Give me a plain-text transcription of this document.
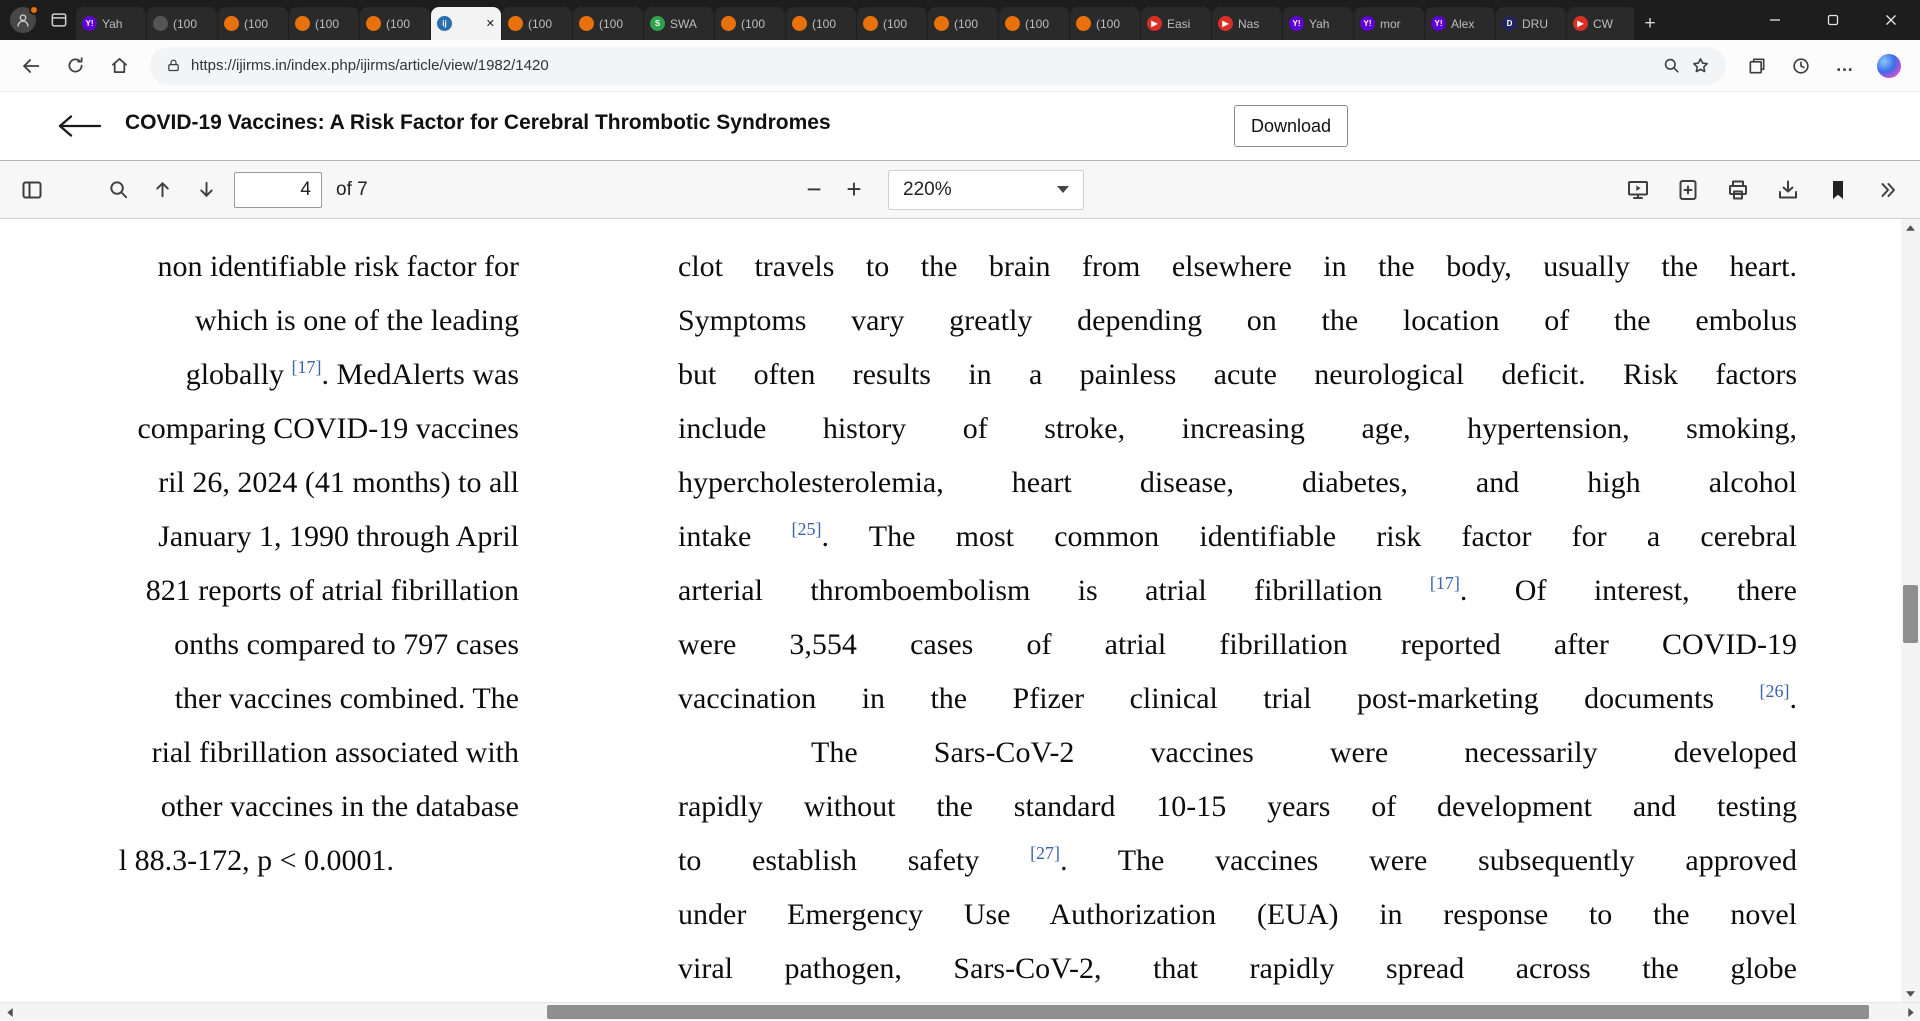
Y! Yah	(100	(100	(100	(100	ij	✕	(100	(100	S SWA	(100	(100	(100	(100	(100	(100	▶ Easi	▶ Nas	Y! Yah	Y! mor	Y! Alex	D DRU	▶ CW	+
https://ijirms.in/index.php/ijirms/article/view/1982/1420	…
COVID-19 Vaccines: A Risk Factor for Cerebral Thrombotic Syndromes	Download
4
of 7	− +	220%
non identifiable risk factor for
which is one of the leading
globally [17]. MedAlerts was
comparing COVID-19 vaccines
ril 26, 2024 (41 months) to all
January 1, 1990 through April
821 reports of atrial fibrillation
onths compared to 797 cases
ther vaccines combined. The
rial fibrillation associated with
other vaccines in the database
l 88.3-172, p < 0.0001.
clot travels to the brain from elsewhere in the body, usually the heart.
Symptoms vary greatly depending on the location of the embolus
but often results in a painless acute neurological deficit. Risk factors
include history of stroke, increasing age, hypertension, smoking,
hypercholesterolemia, heart disease, diabetes, and high alcohol
intake [25]. The most common identifiable risk factor for a cerebral
arterial thromboembolism is atrial fibrillation [17]. Of interest, there
were 3,554 cases of atrial fibrillation reported after COVID-19
vaccination in the Pfizer clinical trial post-marketing documents [26].
The Sars-CoV-2 vaccines were necessarily developed
rapidly without the standard 10-15 years of development and testing
to establish safety [27]. The vaccines were subsequently approved
under Emergency Use Authorization (EUA) in response to the novel
viral pathogen, Sars-CoV-2, that rapidly spread across the globe
